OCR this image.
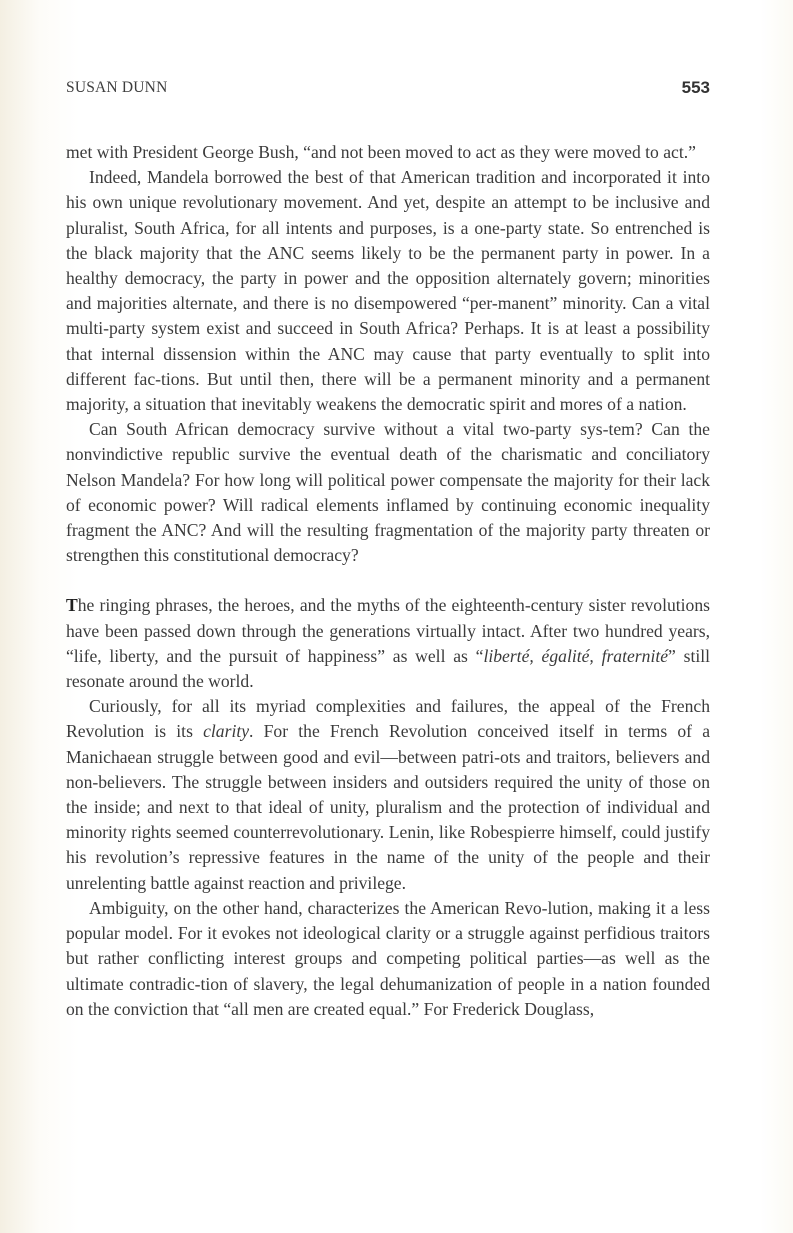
SUSAN DUNN	553

met with President George Bush, “and not been moved to act as they were moved to act.”

Indeed, Mandela borrowed the best of that American tradition and incorporated it into his own unique revolutionary movement. And yet, despite an attempt to be inclusive and pluralist, South Africa, for all intents and purposes, is a one-party state. So entrenched is the black majority that the ANC seems likely to be the permanent party in power. In a healthy democracy, the party in power and the opposition alternately govern; minorities and majorities alternate, and there is no disempowered “per-manent” minority. Can a vital multi-party system exist and succeed in South Africa? Perhaps. It is at least a possibility that internal dissension within the ANC may cause that party eventually to split into different fac-tions. But until then, there will be a permanent minority and a permanent majority, a situation that inevitably weakens the democratic spirit and mores of a nation.

Can South African democracy survive without a vital two-party sys-tem? Can the nonvindictive republic survive the eventual death of the charismatic and conciliatory Nelson Mandela? For how long will political power compensate the majority for their lack of economic power? Will radical elements inflamed by continuing economic inequality fragment the ANC? And will the resulting fragmentation of the majority party threaten or strengthen this constitutional democracy?

The ringing phrases, the heroes, and the myths of the eighteenth-century sister revolutions have been passed down through the generations virtually intact. After two hundred years, “life, liberty, and the pursuit of happiness” as well as “liberté, égalité, fraternité” still resonate around the world.

Curiously, for all its myriad complexities and failures, the appeal of the French Revolution is its clarity. For the French Revolution conceived itself in terms of a Manichaean struggle between good and evil—between patri-ots and traitors, believers and non-believers. The struggle between insiders and outsiders required the unity of those on the inside; and next to that ideal of unity, pluralism and the protection of individual and minority rights seemed counterrevolutionary. Lenin, like Robespierre himself, could justify his revolution’s repressive features in the name of the unity of the people and their unrelenting battle against reaction and privilege.

Ambiguity, on the other hand, characterizes the American Revo-lution, making it a less popular model. For it evokes not ideological clarity or a struggle against perfidious traitors but rather conflicting interest groups and competing political parties—as well as the ultimate contradic-tion of slavery, the legal dehumanization of people in a nation founded on the conviction that “all men are created equal.” For Frederick Douglass,
